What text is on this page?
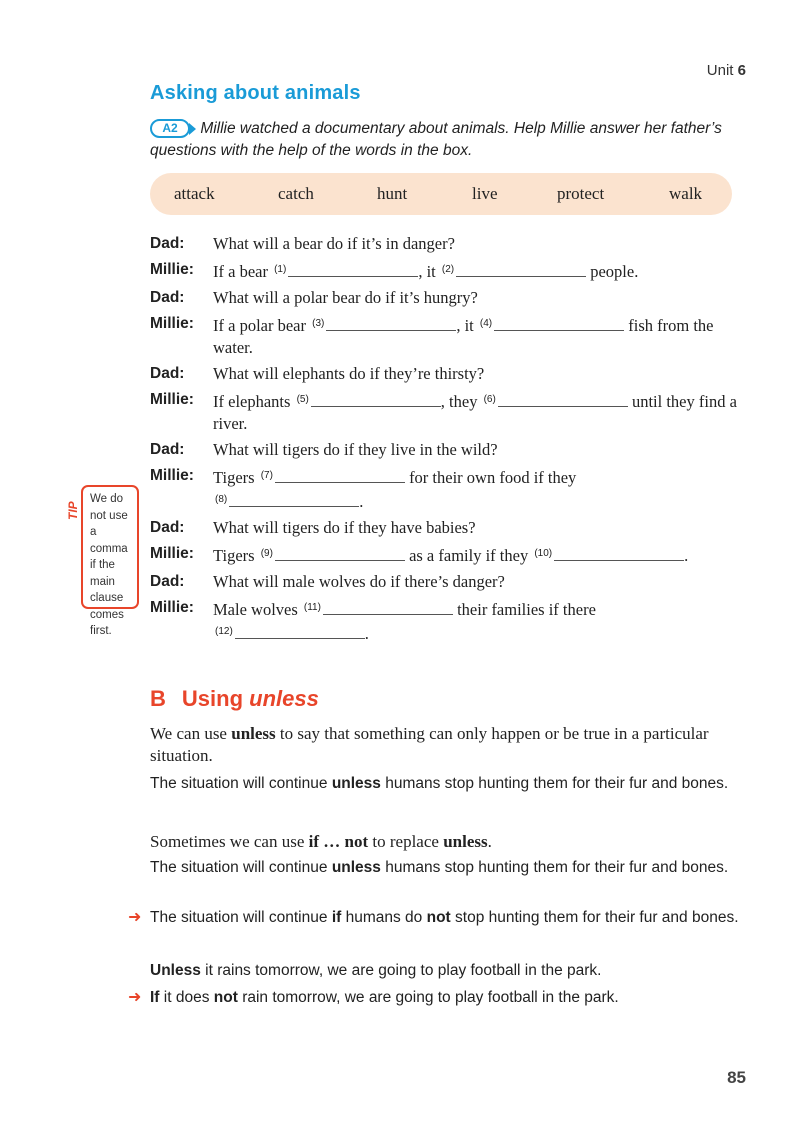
Unit 6
Asking about animals
A2 Millie watched a documentary about animals. Help Millie answer her father’s questions with the help of the words in the box.
attack	catch	hunt	live	protect	walk
Dad:	What will a bear do if it’s in danger?
Millie:	If a bear $^{(1)}$	, it $^{(2)}$	people.
Dad:	What will a polar bear do if it’s hungry?
Millie:	If a polar bear $^{(3)}$	, it $^{(4)}$	fish from the water.
Dad:	What will elephants do if they’re thirsty?
Millie:	If elephants $^{(5)}$	, they $^{(6)}$	until they find a river.
Dad:	What will tigers do if they live in the wild?
Millie:	Tigers $^{(7)}$	for their own food if they
$^{(8)}$	.
Dad:	What will tigers do if they have babies?
Millie:	Tigers $^{(9)}$	as a family if they $^{(10)}$	.
Dad:	What will male wolves do if there’s danger?
Millie:	Male wolves $^{(11)}$	their families if there
$^{(12)}$	.
TIP
We do not use a comma if the main clause comes first.
B Using unless
We can use unless to say that something can only happen or be true in a particular situation.
The situation will continue unless humans stop hunting them for their fur and bones.
Sometimes we can use if … not to replace unless.
The situation will continue unless humans stop hunting them for their fur and bones.
➜ The situation will continue if humans do not stop hunting them for their fur and bones.
Unless it rains tomorrow, we are going to play football in the park.
➜ If it does not rain tomorrow, we are going to play football in the park.
85
